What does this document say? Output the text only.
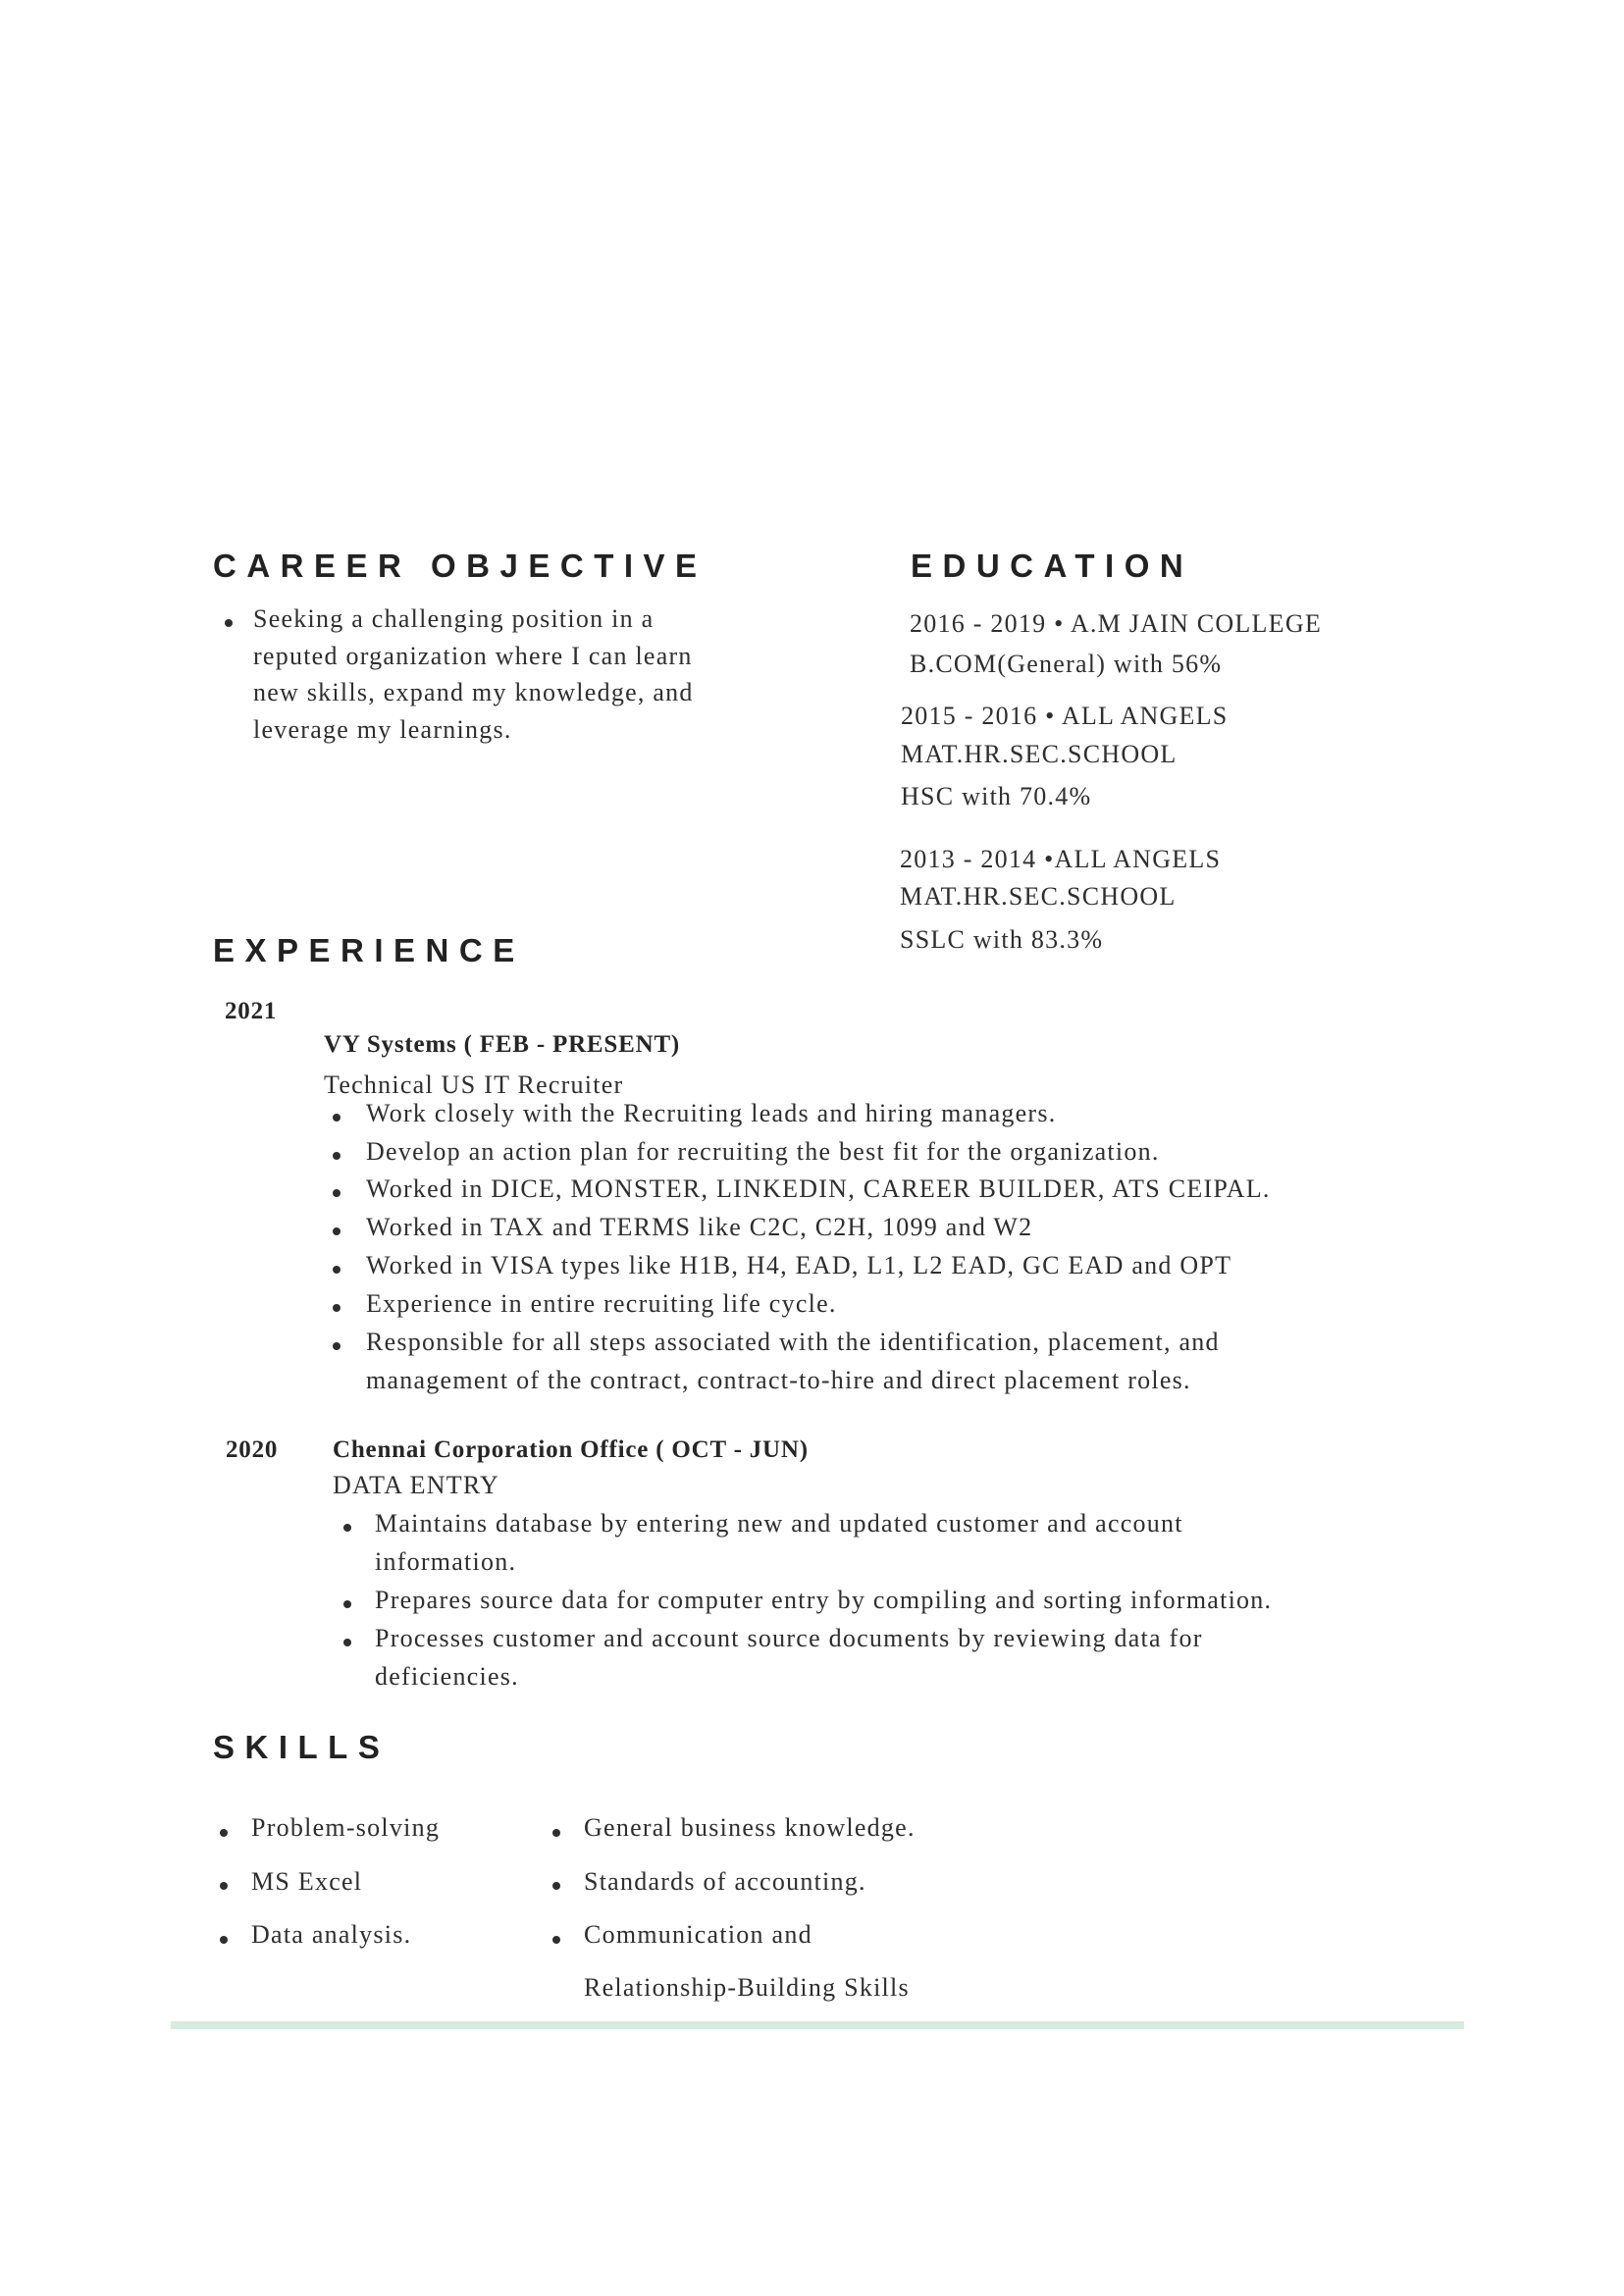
CAREER OBJECTIVE
Seeking a challenging position in a
reputed organization where I can learn
new skills, expand my knowledge, and
leverage my learnings.
EDUCATION
2016 - 2019 • A.M JAIN COLLEGE
B.COM(General) with 56%
2015 - 2016 • ALL ANGELS
MAT.HR.SEC.SCHOOL
HSC with 70.4%
2013 - 2014 •ALL ANGELS
MAT.HR.SEC.SCHOOL
SSLC with 83.3%
EXPERIENCE
2021
VY Systems ( FEB - PRESENT)
Technical US IT Recruiter
Work closely with the Recruiting leads and hiring managers.
Develop an action plan for recruiting the best fit for the organization.
Worked in DICE, MONSTER, LINKEDIN, CAREER BUILDER, ATS CEIPAL.
Worked in TAX and TERMS like C2C, C2H, 1099 and W2
Worked in VISA types like H1B, H4, EAD, L1, L2 EAD, GC EAD and OPT
Experience in entire recruiting life cycle.
Responsible for all steps associated with the identification, placement, and
management of the contract, contract-to-hire and direct placement roles.
2020 Chennai Corporation Office ( OCT - JUN)
DATA ENTRY
Maintains database by entering new and updated customer and account
information.
Prepares source data for computer entry by compiling and sorting information.
Processes customer and account source documents by reviewing data for
deficiencies.
SKILLS
Problem-solving
MS Excel
Data analysis.
General business knowledge.
Standards of accounting.
Communication and
Relationship-Building Skills
